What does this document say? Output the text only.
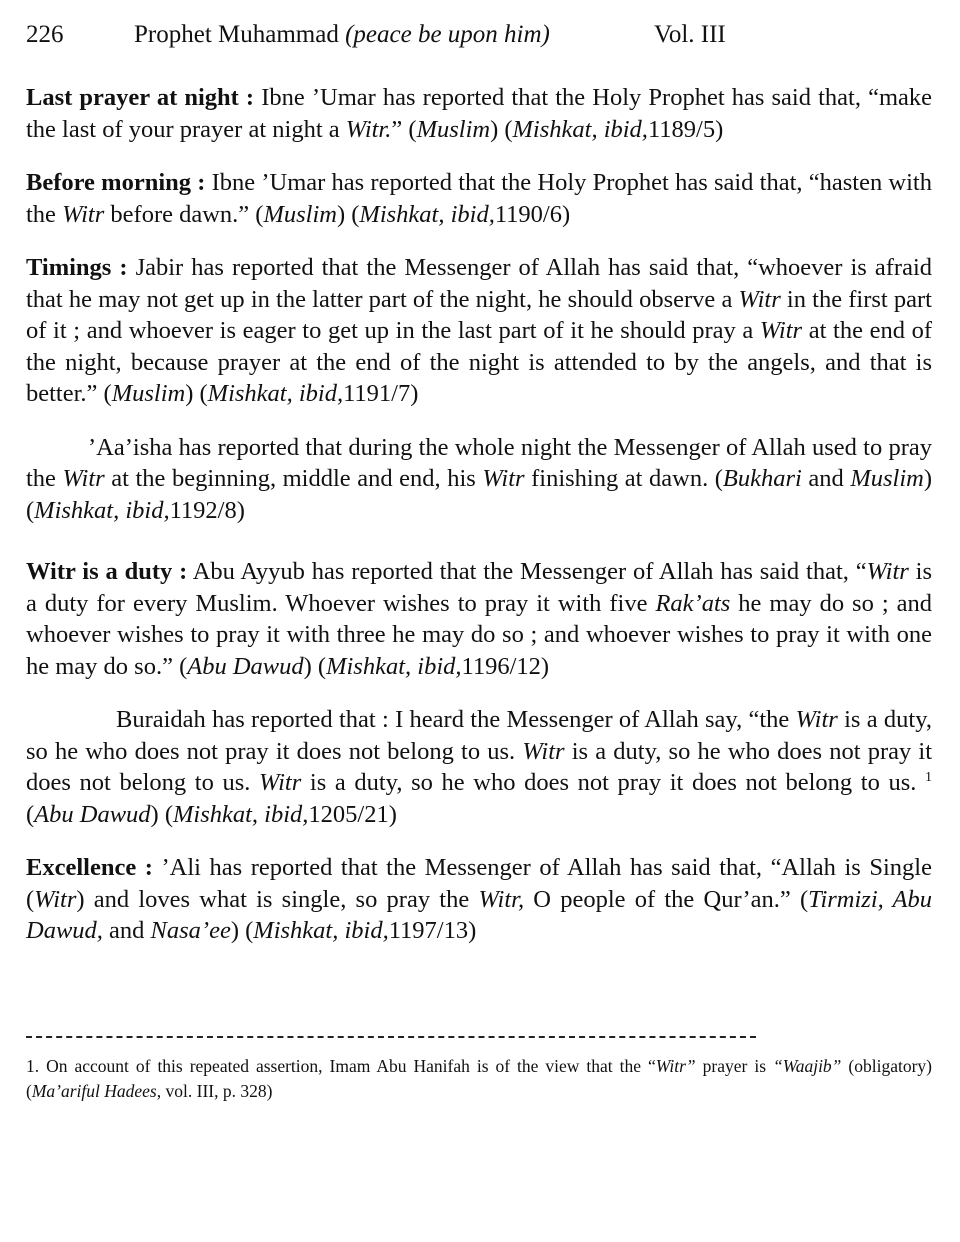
226	Prophet Muhammad (peace be upon him)	Vol. III

Last prayer at night : Ibne ’Umar has reported that the Holy Prophet has said that, “make the last of your prayer at night a Witr.” (Muslim) (Mishkat, ibid,1189/5)

Before morning : Ibne ’Umar has reported that the Holy Prophet has said that, “hasten with the Witr before dawn.” (Muslim) (Mishkat, ibid,1190/6)

Timings : Jabir has reported that the Messenger of Allah has said that, “whoever is afraid that he may not get up in the latter part of the night, he should observe a Witr in the first part of it ; and whoever is eager to get up in the last part of it he should pray a Witr at the end of the night, because prayer at the end of the night is attended to by the angels, and that is better.” (Muslim) (Mishkat, ibid,1191/7)

’Aa’isha has reported that during the whole night the Messenger of Allah used to pray the Witr at the beginning, middle and end, his Witr finishing at dawn. (Bukhari and Muslim) (Mishkat, ibid,1192/8)

Witr is a duty : Abu Ayyub has reported that the Messenger of Allah has said that, “Witr is a duty for every Muslim. Whoever wishes to pray it with five Rak’ats he may do so ; and whoever wishes to pray it with three he may do so ; and whoever wishes to pray it with one he may do so.” (Abu Dawud) (Mishkat, ibid,1196/12)

Buraidah has reported that : I heard the Messenger of Allah say, “the Witr is a duty, so he who does not pray it does not belong to us. Witr is a duty, so he who does not pray it does not belong to us. Witr is a duty, so he who does not pray it does not belong to us. $^1$ (Abu Dawud) (Mishkat, ibid,1205/21)

Excellence : ’Ali has reported that the Messenger of Allah has said that, “Allah is Single (Witr) and loves what is single, so pray the Witr, O people of the Qur’an.” (Tirmizi, Abu Dawud, and Nasa’ee) (Mishkat, ibid,1197/13)

1. On account of this repeated assertion, Imam Abu Hanifah is of the view that the “Witr” prayer is “Waajib” (obligatory) (Ma’ariful Hadees, vol. III, p. 328)
